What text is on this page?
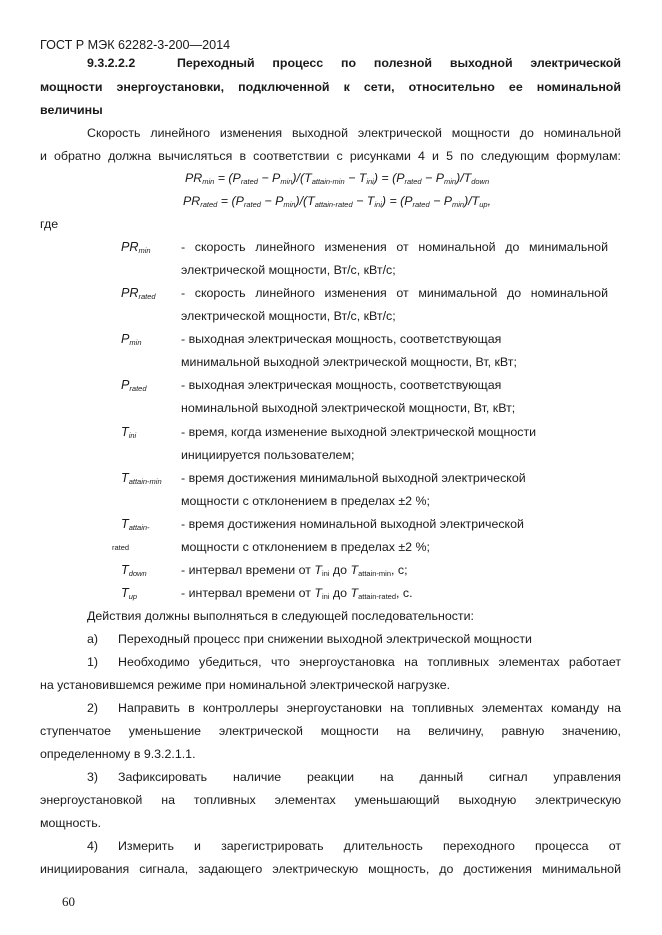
ГОСТ Р МЭК 62282-3-200—2014
9.3.2.2.2	Переходный процесс по полезной выходной электрической
мощности энергоустановки, подключенной к сети, относительно ее номинальной
величины
Скорость линейного изменения выходной электрической мощности до номинальной
и обратно должна вычисляться в соответствии с рисунками 4 и 5 по следующим формулам:
$PR_{min} = (P_{rated} - P_{min})/(T_{attain-min} - T_{ini}) = (P_{rated} - P_{min})/T_{down}$
$PR_{rated} = (P_{rated} - P_{min})/(T_{attain-rated} - T_{ini}) = (P_{rated} - P_{min})/T_{up}$,
где
$PR_{min}$ - скорость линейного изменения от номинальной до минимальной
электрической мощности, Вт/с, кВт/с;
$PR_{rated}$ - скорость линейного изменения от минимальной до номинальной
электрической мощности, Вт/с, кВт/с;
$P_{min}$	- выходная электрическая мощность, соответствующая
минимальной выходной электрической мощности, Вт, кВт;
$P_{rated}$	- выходная электрическая мощность, соответствующая
номинальной выходной электрической мощности, Вт, кВт;
$T_{ini}$	- время, когда изменение выходной электрической мощности
инициируется пользователем;
$T_{attain-min}$ - время достижения минимальной выходной электрической
мощности с отклонением в пределах ±2 %;
$T_{attain-}$
rated
- время достижения номинальной выходной электрической
мощности с отклонением в пределах ±2 %;
$T_{down}$	- интервал времени от $T_{ini}$ до $T_{attain-min}$, с;
$T_{up}$	- интервал времени от $T_{ini}$ до $T_{attain-rated}$, с.
Действия должны выполняться в следующей последовательности:
а) Переходный процесс при снижении выходной электрической мощности
1) Необходимо убедиться, что энергоустановка на топливных элементах работает
на установившемся режиме при номинальной электрической нагрузке.
2) Направить в контроллеры энергоустановки на топливных элементах команду на
ступенчатое уменьшение электрической мощности на величину, равную значению,
определенному в 9.3.2.1.1.
3) Зафиксировать наличие реакции на данный сигнал управления
энергоустановкой на топливных элементах уменьшающий выходную электрическую
мощность.
4) Измерить и зарегистрировать длительность переходного процесса от
инициирования сигнала, задающего электрическую мощность, до достижения минимальной
60
